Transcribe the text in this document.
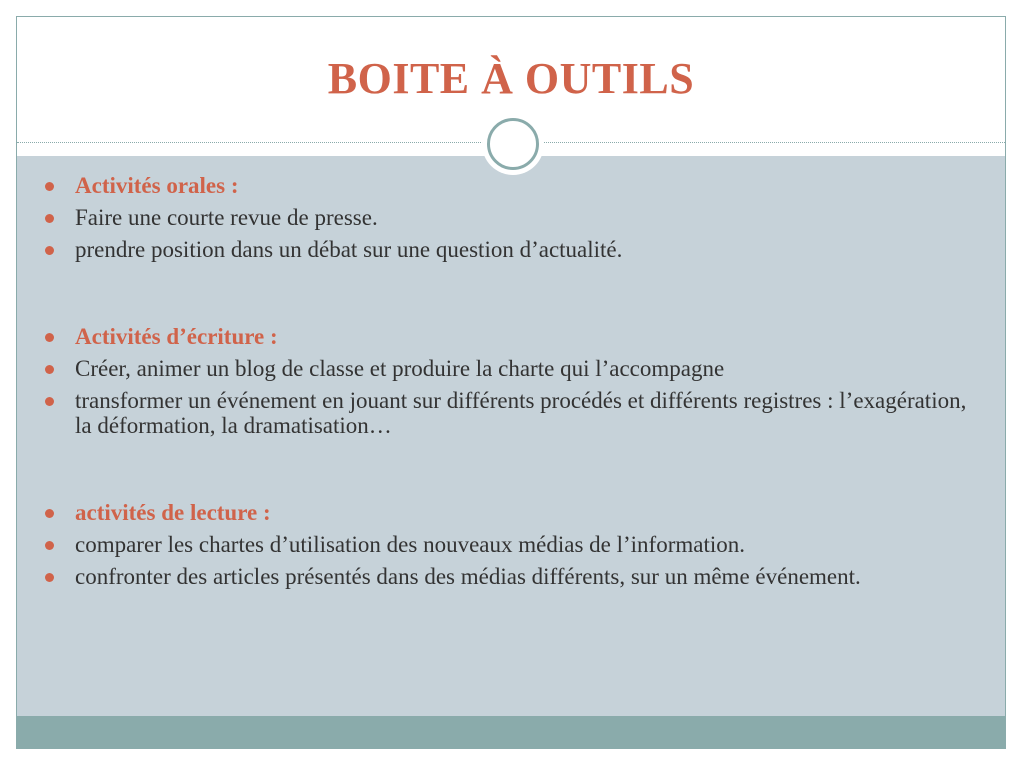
BOITE À OUTILS
Activités orales :
Faire une courte revue de presse.
prendre position dans un débat sur une question d’actualité.
Activités d’écriture :
Créer, animer un blog de classe et produire la charte qui l’accompagne
transformer un événement en jouant sur différents procédés et différents registres : l’exagération, la déformation, la dramatisation…
activités de lecture :
comparer les chartes d’utilisation des nouveaux médias de l’information.
confronter des articles présentés dans des médias différents, sur un même événement.
